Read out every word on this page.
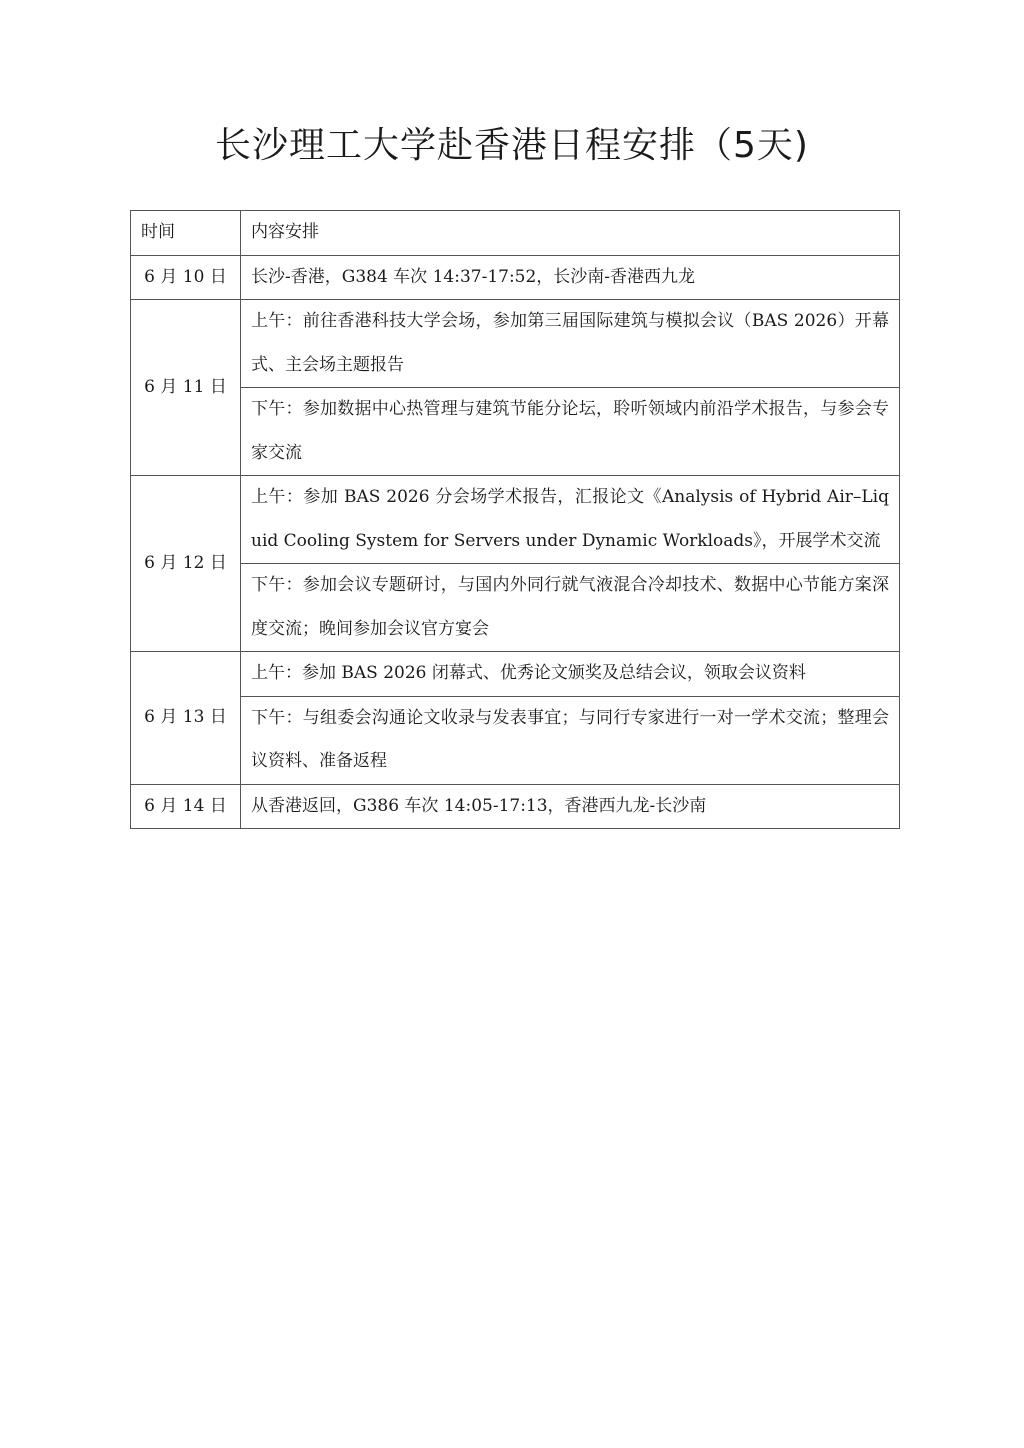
长沙理工大学赴香港日程安排（5天)
时间	内容安排
6 月 10 日	长沙-香港，G384 车次 14:37-17:52，长沙南-香港西九龙
6 月 11 日	上午：前往香港科技大学会场，参加第三届国际建筑与模拟会议（BAS 2026）开幕式、主会场主题报告
	下午：参加数据中心热管理与建筑节能分论坛，聆听领域内前沿学术报告，与参会专家交流
6 月 12 日	上午：参加 BAS 2026 分会场学术报告，汇报论文《Analysis of Hybrid Air–Liquid Cooling System for Servers under Dynamic Workloads》，开展学术交流
	下午：参加会议专题研讨，与国内外同行就气液混合冷却技术、数据中心节能方案深度交流；晚间参加会议官方宴会
6 月 13 日	上午：参加 BAS 2026 闭幕式、优秀论文颁奖及总结会议，领取会议资料
	下午：与组委会沟通论文收录与发表事宜；与同行专家进行一对一学术交流；整理会议资料、准备返程
6 月 14 日	从香港返回，G386 车次 14:05-17:13，香港西九龙-长沙南
